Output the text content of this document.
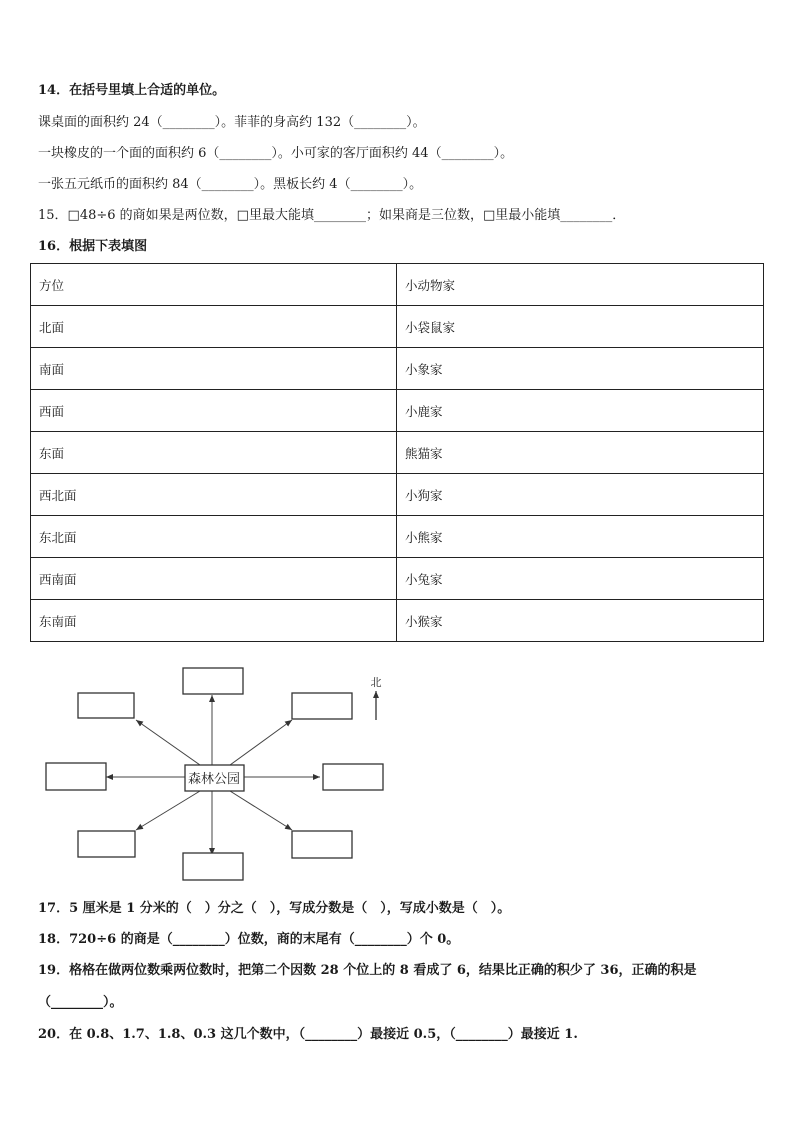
14．在括号里填上合适的单位。
课桌面的面积约 24（________）。菲菲的身高约 132（________）。
一块橡皮的一个面的面积约 6（________）。小可家的客厅面积约 44（________）。
一张五元纸币的面积约 84（________）。黑板长约 4（________）。
15．□48÷6 的商如果是两位数，□里最大能填________；如果商是三位数，□里最小能填________．
16．根据下表填图
方位	小动物家
北面	小袋鼠家
南面	小象家
西面	小鹿家
东面	熊猫家
西北面	小狗家
东北面	小熊家
西南面	小兔家
东南面	小猴家
森林公园
北
17．5 厘米是 1 分米的（　）分之（　），写成分数是（　），写成小数是（　）。
18．720÷6 的商是（________）位数，商的末尾有（________）个 0。
19．格格在做两位数乘两位数时，把第二个因数 28 个位上的 8 看成了 6，结果比正确的积少了 36，正确的积是
（________）。
20．在 0.8、1.7、1.8、0.3 这几个数中，（________）最接近 0.5，（________）最接近 1.
